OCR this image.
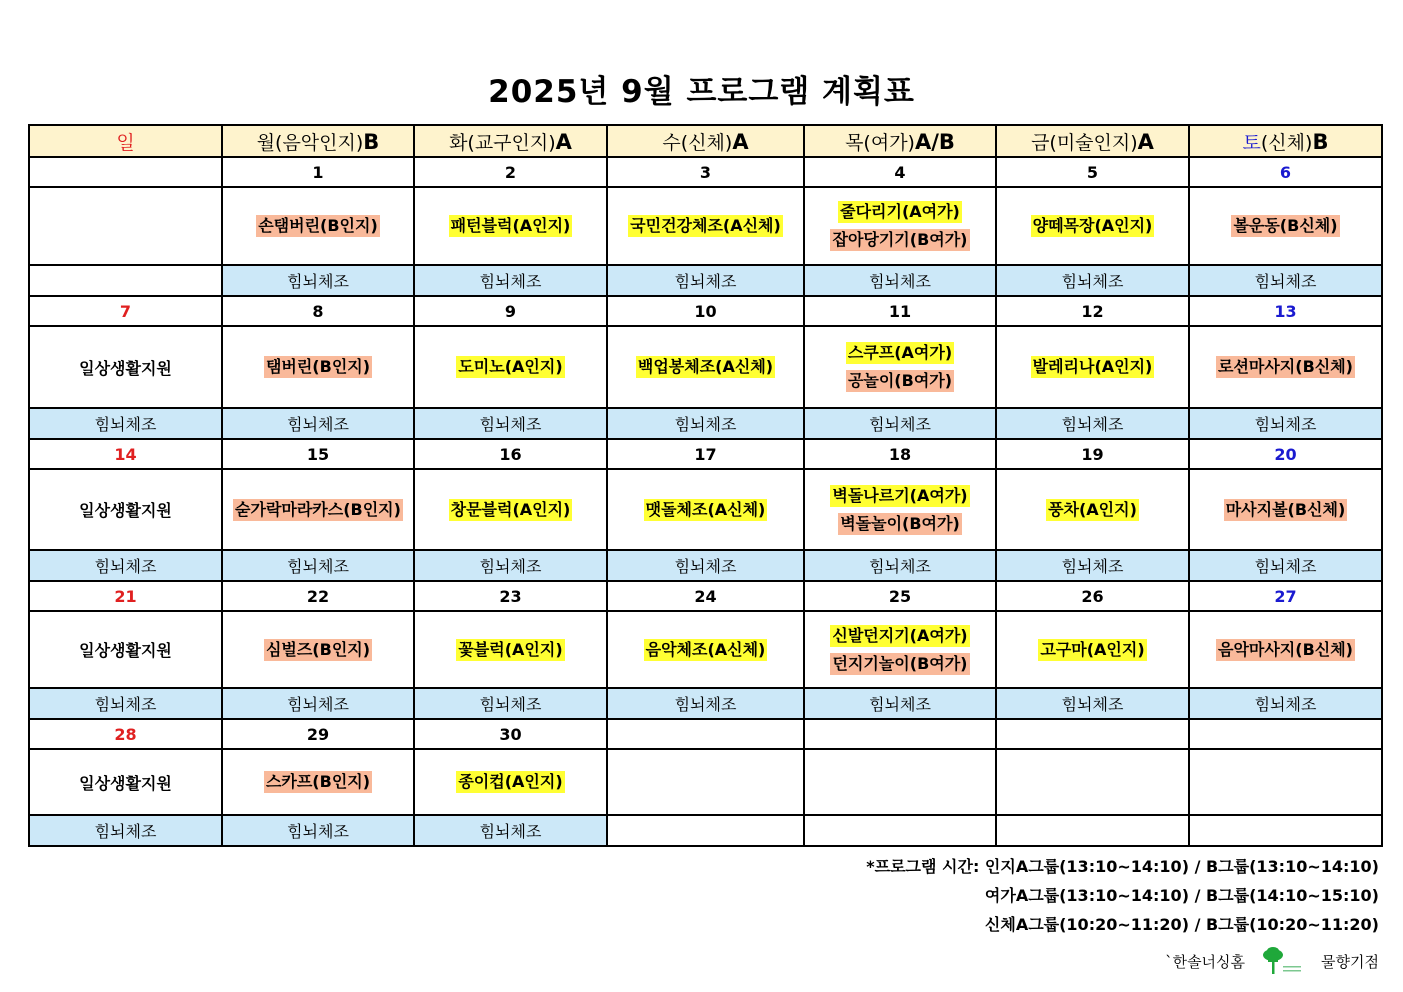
2025년 9월 프로그램 계획표
일	월(음악인지)B	화(교구인지)A	수(신체)A	목(여가)A/B	금(미술인지)A	토(신체)B
	1	2	3	4	5	6

	손탬버린(B인지)	패턴블럭(A인지)	국민건강체조(A신체)	줄다리기(A여가)
잡아당기기(B여가)	양떼목장(A인지)	볼운동(B신체)

	힘뇌체조	힘뇌체조	힘뇌체조	힘뇌체조	힘뇌체조	힘뇌체조
7	8	9	10	11	12	13

일상생활지원	탬버린(B인지)	도미노(A인지)	백업봉체조(A신체)	스쿠프(A여가)
공놀이(B여가)	발레리나(A인지)	로션마사지(B신체)

힘뇌체조	힘뇌체조	힘뇌체조	힘뇌체조	힘뇌체조	힘뇌체조	힘뇌체조
14	15	16	17	18	19	20

일상생활지원	숟가락마라카스(B인지)	창문블럭(A인지)	맷돌체조(A신체)	벽돌나르기(A여가)
벽돌놀이(B여가)	풍차(A인지)	마사지볼(B신체)

힘뇌체조	힘뇌체조	힘뇌체조	힘뇌체조	힘뇌체조	힘뇌체조	힘뇌체조
21	22	23	24	25	26	27

일상생활지원	심벌즈(B인지)	꽃블럭(A인지)	음악체조(A신체)	신발던지기(A여가)
던지기놀이(B여가)	고구마(A인지)	음악마사지(B신체)

힘뇌체조	힘뇌체조	힘뇌체조	힘뇌체조	힘뇌체조	힘뇌체조	힘뇌체조
28	29	30				

일상생활지원	스카프(B인지)	종이컵(A인지)				

힘뇌체조	힘뇌체조	힘뇌체조				
*프로그램 시간: 인지A그룹(13:10~14:10) / B그룹(13:10~14:10)
여가A그룹(13:10~14:10) / B그룹(14:10~15:10)
신체A그룹(10:20~11:20) / B그룹(10:20~11:20)
`한솔너싱홈	물향기점
